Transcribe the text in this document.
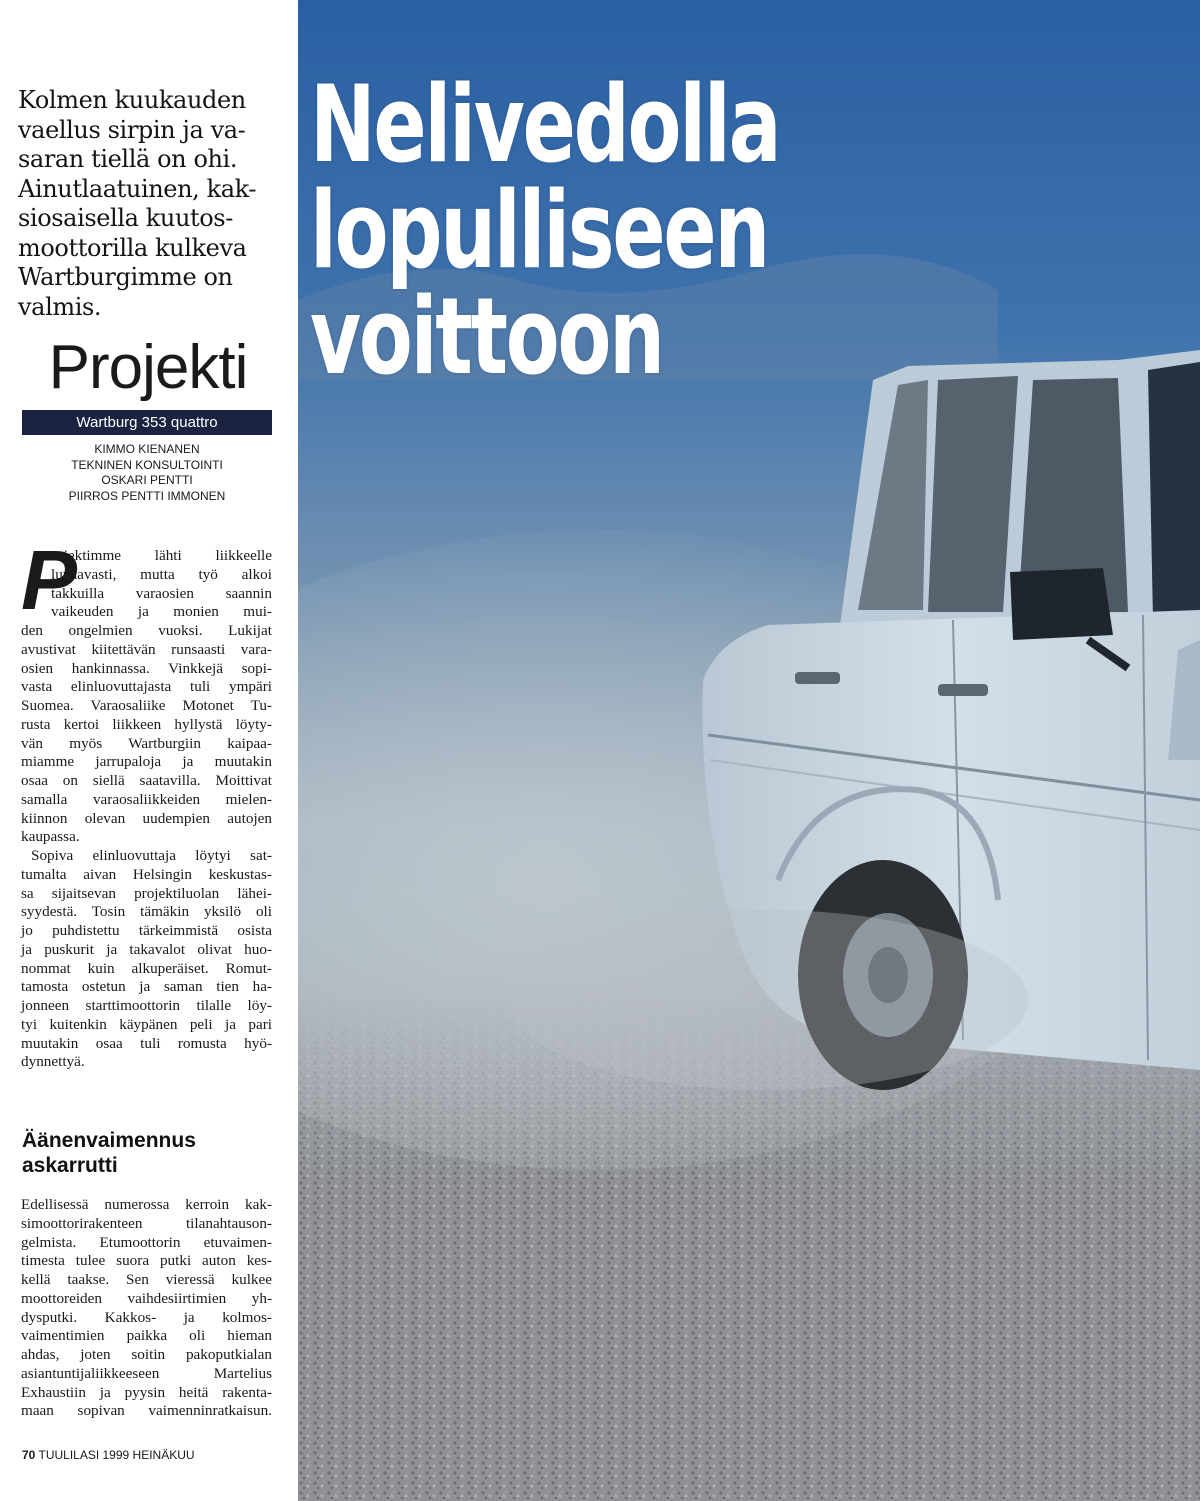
Kolmen kuukauden
vaellus sirpin ja va-
saran tiellä on ohi.
Ainutlaatuinen, kak-
siosaisella kuutos-
moottorilla kulkeva
Wartburgimme on
valmis.
Projekti
Wartburg 353 quattro
KIMMO KIENANEN
TEKNINEN KONSULTOINTI
OSKARI PENTTI
PIIRROS PENTTI IMMONEN
P
rojektimme lähti liikkeelle
lupaavasti, mutta työ alkoi
takkuilla varaosien saannin
vaikeuden ja monien mui-
den ongelmien vuoksi. Lukijat
avustivat kiitettävän runsaasti vara-
osien hankinnassa. Vinkkejä sopi-
vasta elinluovuttajasta tuli ympäri
Suomea. Varaosaliike Motonet Tu-
rusta kertoi liikkeen hyllystä löyty-
vän myös Wartburgiin kaipaa-
miamme jarrupaloja ja muutakin
osaa on siellä saatavilla. Moittivat
samalla varaosaliikkeiden mielen-
kiinnon olevan uudempien autojen
kaupassa.
Sopiva elinluovuttaja löytyi sat-
tumalta aivan Helsingin keskustas-
sa sijaitsevan projektiluolan lähei-
syydestä. Tosin tämäkin yksilö oli
jo puhdistettu tärkeimmistä osista
ja puskurit ja takavalot olivat huo-
nommat kuin alkuperäiset. Romut-
tamosta ostetun ja saman tien ha-
jonneen starttimoottorin tilalle löy-
tyi kuitenkin käypänen peli ja pari
muutakin osaa tuli romusta hyö-
dynnettyä.
Äänenvaimennus
askarrutti
Edellisessä numerossa kerroin kak-
simoottorirakenteen tilanahtauson-
gelmista. Etumoottorin etuvaimen-
timesta tulee suora putki auton kes-
kellä taakse. Sen vieressä kulkee
moottoreiden vaihdesiirtimien yh-
dysputki. Kakkos- ja kolmos-
vaimentimien paikka oli hieman
ahdas, joten soitin pakoputkialan
asiantuntijaliikkeeseen Martelius
Exhaustiin ja pyysin heitä rakenta-
maan sopivan vaimenninratkaisun.
70 TUULILASI 1999 HEINÄKUU
Nelivedolla
lopulliseen
voittoon
